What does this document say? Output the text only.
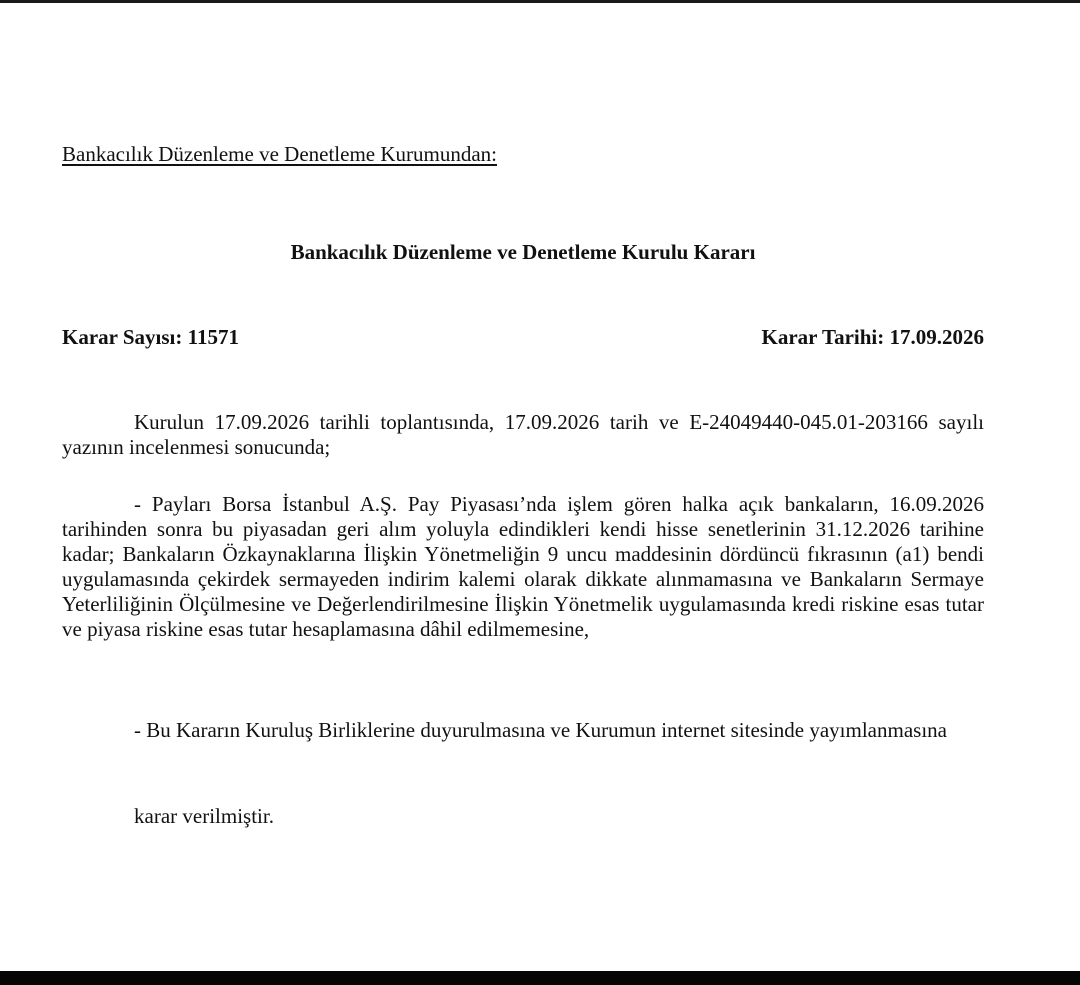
Bankacılık Düzenleme ve Denetleme Kurumundan:
Bankacılık Düzenleme ve Denetleme Kurulu Kararı
Karar Sayısı: 11571	Karar Tarihi: 17.09.2026

Kurulun 17.09.2026 tarihli toplantısında, 17.09.2026 tarih ve E-24049440-045.01-203166 sayılı yazının incelenmesi sonucunda;

- Payları Borsa İstanbul A.Ş. Pay Piyasası’nda işlem gören halka açık bankaların, 16.09.2026 tarihinden sonra bu piyasadan geri alım yoluyla edindikleri kendi hisse senetlerinin 31.12.2026 tarihine kadar; Bankaların Özkaynaklarına İlişkin Yönetmeliğin 9 uncu maddesinin dördüncü fıkrasının (a1) bendi uygulamasında çekirdek sermayeden indirim kalemi olarak dikkate alınmamasına ve Bankaların Sermaye Yeterliliğinin Ölçülmesine ve Değerlendirilmesine İlişkin Yönetmelik uygulamasında kredi riskine esas tutar ve piyasa riskine esas tutar hesaplamasına dâhil edilmemesine,

- Bu Kararın Kuruluş Birliklerine duyurulmasına ve Kurumun internet sitesinde yayımlanmasına

karar verilmiştir.
